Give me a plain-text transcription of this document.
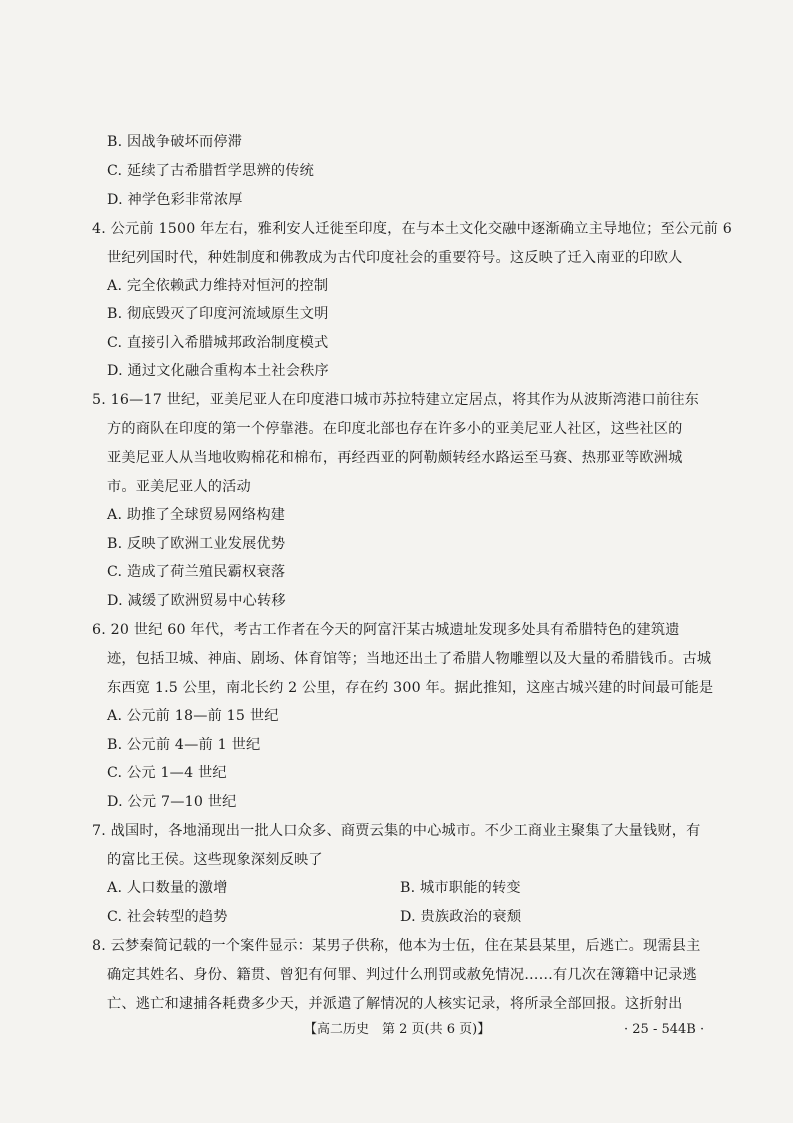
B. 因战争破坏而停滞
C. 延续了古希腊哲学思辨的传统
D. 神学色彩非常浓厚
4. 公元前 1500 年左右，雅利安人迁徙至印度，在与本土文化交融中逐渐确立主导地位；至公元前 6
世纪列国时代，种姓制度和佛教成为古代印度社会的重要符号。这反映了迁入南亚的印欧人
A. 完全依赖武力维持对恒河的控制
B. 彻底毁灭了印度河流域原生文明
C. 直接引入希腊城邦政治制度模式
D. 通过文化融合重构本土社会秩序
5. 16—17 世纪，亚美尼亚人在印度港口城市苏拉特建立定居点，将其作为从波斯湾港口前往东
方的商队在印度的第一个停靠港。在印度北部也存在许多小的亚美尼亚人社区，这些社区的
亚美尼亚人从当地收购棉花和棉布，再经西亚的阿勒颇转经水路运至马赛、热那亚等欧洲城
市。亚美尼亚人的活动
A. 助推了全球贸易网络构建
B. 反映了欧洲工业发展优势
C. 造成了荷兰殖民霸权衰落
D. 减缓了欧洲贸易中心转移
6. 20 世纪 60 年代，考古工作者在今天的阿富汗某古城遗址发现多处具有希腊特色的建筑遗
迹，包括卫城、神庙、剧场、体育馆等；当地还出土了希腊人物雕塑以及大量的希腊钱币。古城
东西宽 1.5 公里，南北长约 2 公里，存在约 300 年。据此推知，这座古城兴建的时间最可能是
A. 公元前 18—前 15 世纪
B. 公元前 4—前 1 世纪
C. 公元 1—4 世纪
D. 公元 7—10 世纪
7. 战国时，各地涌现出一批人口众多、商贾云集的中心城市。不少工商业主聚集了大量钱财，有
的富比王侯。这些现象深刻反映了
A. 人口数量的激增	B. 城市职能的转变
C. 社会转型的趋势	D. 贵族政治的衰颓
8. 云梦秦简记载的一个案件显示：某男子供称，他本为士伍，住在某县某里，后逃亡。现需县主
确定其姓名、身份、籍贯、曾犯有何罪、判过什么刑罚或赦免情况……有几次在簿籍中记录逃
亡、逃亡和逮捕各耗费多少天，并派遣了解情况的人核实记录，将所录全部回报。这折射出
【高二历史　第 2 页(共 6 页)】	· 25 - 544B ·
